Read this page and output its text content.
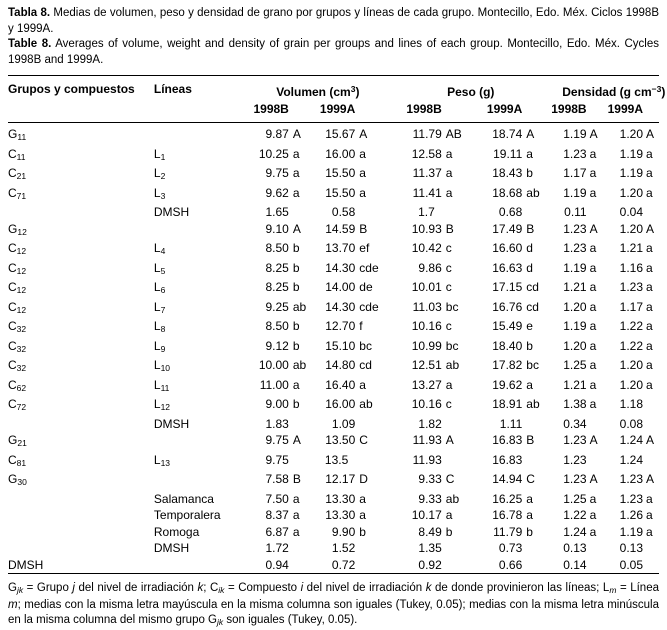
Tabla 8. Medias de volumen, peso y densidad de grano por grupos y líneas de cada grupo. Montecillo, Edo. Méx. Ciclos 1998B y 1999A.

Table 8. Averages of volume, weight and density of grain per groups and lines of each group. Montecillo, Edo. Méx. Cycles 1998B and 1999A.

Grupos y compuestos	Líneas	Volumen $(cm^3)$		Peso (g)		Densidad (g $cm^{-3}$)	
		1998B	1999A	1998B	1999A	1998B	1999A
$G_{11}$		9.87 A	15.67 A	11.79 AB	18.74 A	1.19 A	1.20 A
$C_{11}$	$L_1$	10.25 a	16.00 a	12.58 a	19.11 a	1.23 a	1.19 a
$C_{21}$	$L_2$	9.75 a	15.50 a	11.37 a	18.43 b	1.17 a	1.19 a
$C_{71}$	$L_3$	9.62 a	15.50 a	11.41 a	18.68 ab	1.19 a	1.20 a
	DMSH	1.65	0.58	1.7	0.68	0.11	0.04
$G_{12}$		9.10 A	14.59 B	10.93 B	17.49 B	1.23 A	1.20 A
$C_{12}$	$L_4$	8.50 b	13.70 ef	10.42 c	16.60 d	1.23 a	1.21 a
$C_{12}$	$L_5$	8.25 b	14.30 cde	9.86 c	16.63 d	1.19 a	1.16 a
$C_{12}$	$L_6$	8.25 b	14.00 de	10.01 c	17.15 cd	1.21 a	1.23 a
$C_{12}$	$L_7$	9.25 ab	14.30 cde	11.03 bc	16.76 cd	1.20 a	1.17 a
$C_{32}$	$L_8$	8.50 b	12.70 f	10.16 c	15.49 e	1.19 a	1.22 a
$C_{32}$	$L_9$	9.12 b	15.10 bc	10.99 bc	18.40 b	1.20 a	1.22 a
$C_{32}$	$L_{10}$	10.00 ab	14.80 cd	12.51 ab	17.82 bc	1.25 a	1.20 a
$C_{62}$	$L_{11}$	11.00 a	16.40 a	13.27 a	19.62 a	1.21 a	1.20 a
$C_{72}$	$L_{12}$	9.00 b	16.00 ab	10.16 c	18.91 ab	1.38 a	1.18
	DMSH	1.83	1.09	1.82	1.11	0.34	0.08
$G_{21}$		9.75 A	13.50 C	11.93 A	16.83 B	1.23 A	1.24 A
$C_{81}$	$L_{13}$	9.75	13.5	11.93	16.83	1.23	1.24
$G_{30}$		7.58 B	12.17 D	9.33 C	14.94 C	1.23 A	1.23 A
	Salamanca	7.50 a	13.30 a	9.33 ab	16.25 a	1.25 a	1.23 a
	Temporalera	8.37 a	13.30 a	10.17 a	16.78 a	1.22 a	1.26 a
	Romoga	6.87 a	9.90 b	8.49 b	11.79 b	1.24 a	1.19 a
	DMSH	1.72	1.52	1.35	0.73	0.13	0.13
DMSH		0.94	0.72	0.92	0.66	0.14	0.05

$G_{jk}$ = Grupo j del nivel de irradiación k; $C_{ik}$ = Compuesto i del nivel de irradiación k de donde provinieron las líneas; $L_m$ = Línea m; medias con la misma letra mayúscula en la misma columna son iguales (Tukey, 0.05); medias con la misma letra minúscula en la misma columna del mismo grupo $G_{jk}$ son iguales (Tukey, 0.05).
